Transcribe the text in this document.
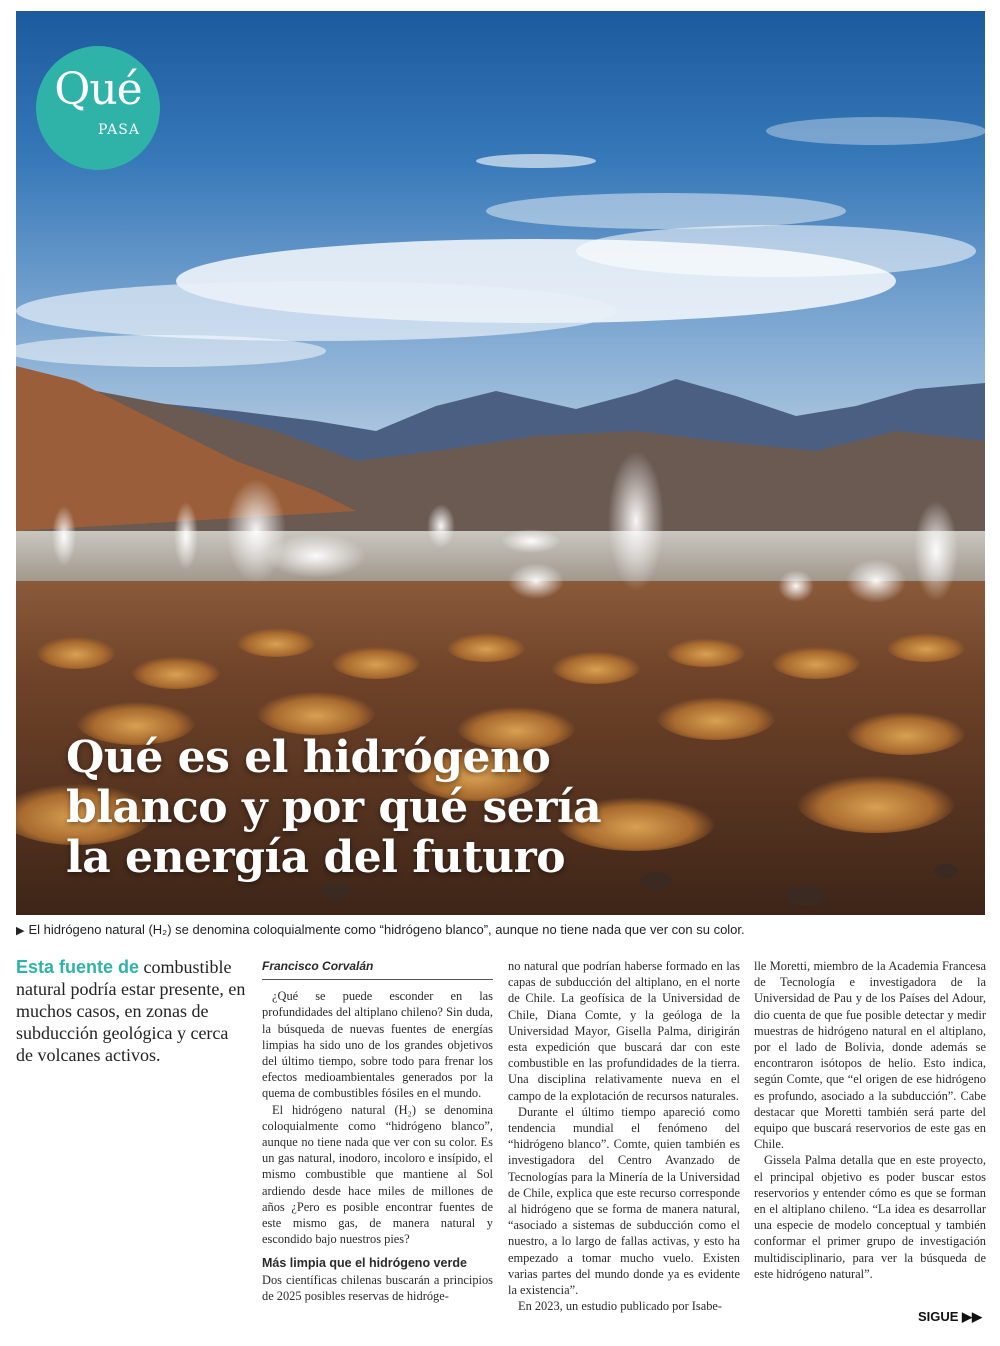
Qué es el hidrógeno
blanco y por qué sería
la energía del futuro
Qué
PASA
▶ El hidrógeno natural (H₂) se denomina coloquialmente como “hidrógeno blanco”, aunque no tiene nada que ver con su color.
Esta fuente de combustible natural podría estar presente, en muchos casos, en zonas de subducción geológica y cerca de volcanes activos.

Francisco Corvalán

¿Qué se puede esconder en las profundidades del altiplano chileno? Sin duda, la búsqueda de nuevas fuentes de energías limpias ha sido uno de los grandes objetivos del último tiempo, sobre todo para frenar los efectos medioambientales generados por la quema de combustibles fósiles en el mundo.

El hidrógeno natural (H₂) se denomina coloquialmente como “hidrógeno blanco”, aunque no tiene nada que ver con su color. Es un gas natural, inodoro, incoloro e insípido, el mismo combustible que mantiene al Sol ardiendo desde hace miles de millones de años ¿Pero es posible encontrar fuentes de este mismo gas, de manera natural y escondido bajo nuestros pies?

Más limpia que el hidrógeno verde

Dos científicas chilenas buscarán a principios de 2025 posibles reservas de hidróge-

no natural que podrían haberse formado en las capas de subducción del altiplano, en el norte de Chile. La geofísica de la Universidad de Chile, Diana Comte, y la geóloga de la Universidad Mayor, Gisella Palma, dirigirán esta expedición que buscará dar con este combustible en las profundidades de la tierra. Una disciplina relativamente nueva en el campo de la explotación de recursos naturales.

Durante el último tiempo apareció como tendencia mundial el fenómeno del “hidrógeno blanco”. Comte, quien también es investigadora del Centro Avanzado de Tecnologías para la Minería de la Universidad de Chile, explica que este recurso corresponde al hidrógeno que se forma de manera natural, “asociado a sistemas de subducción como el nuestro, a lo largo de fallas activas, y esto ha empezado a tomar mucho vuelo. Existen varias partes del mundo donde ya es evidente la existencia”.

En 2023, un estudio publicado por Isabe-

lle Moretti, miembro de la Academia Francesa de Tecnología e investigadora de la Universidad de Pau y de los Países del Adour, dio cuenta de que fue posible detectar y medir muestras de hidrógeno natural en el altiplano, por el lado de Bolivia, donde además se encontraron isótopos de helio. Esto indica, según Comte, que “el origen de ese hidrógeno es profundo, asociado a la subducción”. Cabe destacar que Moretti también será parte del equipo que buscará reservorios de este gas en Chile.

Gissela Palma detalla que en este proyecto, el principal objetivo es poder buscar estos reservorios y entender cómo es que se forman en el altiplano chileno. “La idea es desarrollar una especie de modelo conceptual y también conformar el primer grupo de investigación multidisciplinario, para ver la búsqueda de este hidrógeno natural”.

SIGUE ▶▶
